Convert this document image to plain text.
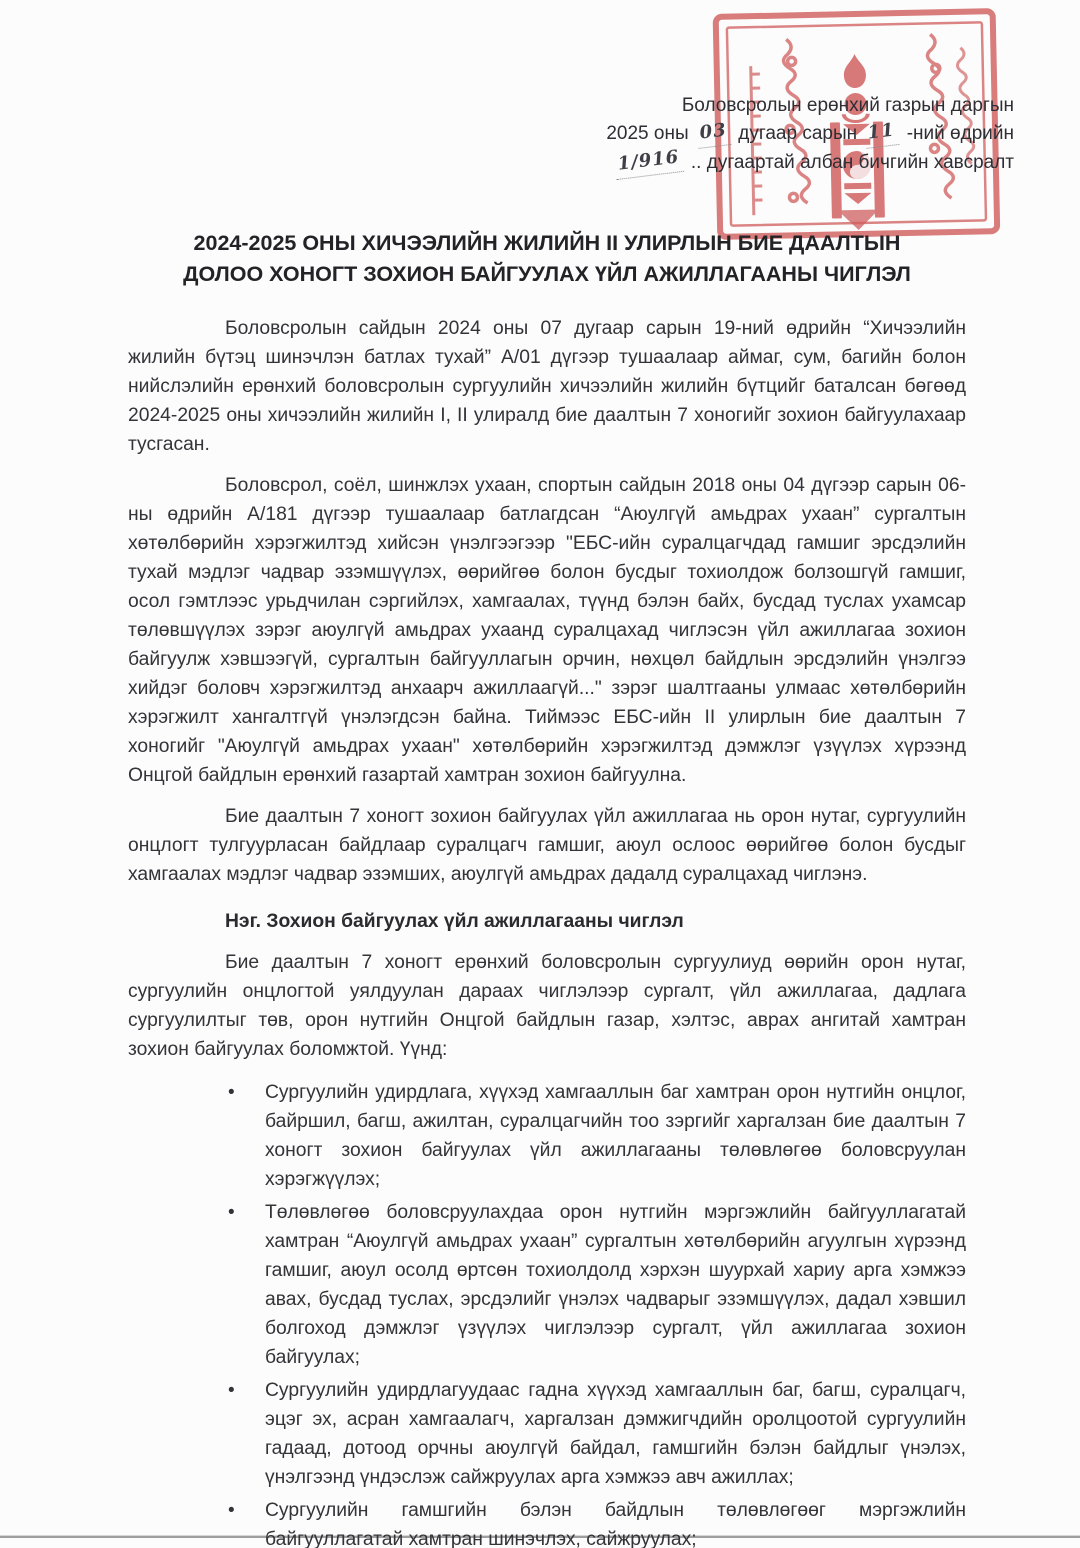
Боловсролын ерөнхий газрын даргын
2025 оны 03 дугаар сарын 11 -ний өдрийн
1/916 .. дугаартай албан бичгийн хавсралт
2024-2025 ОНЫ ХИЧЭЭЛИЙН ЖИЛИЙН II УЛИРЛЫН БИЕ ДААЛТЫН
ДОЛОО ХОНОГТ ЗОХИОН БАЙГУУЛАХ ҮЙЛ АЖИЛЛАГААНЫ ЧИГЛЭЛ

Боловсролын сайдын 2024 оны 07 дугаар сарын 19-ний өдрийн “Хичээлийн жилийн бүтэц шинэчлэн батлах тухай” А/01 дүгээр тушаалаар аймаг, сум, багийн болон нийслэлийн ерөнхий боловсролын сургуулийн хичээлийн жилийн бүтцийг баталсан бөгөөд 2024-2025 оны хичээлийн жилийн I, II улиралд бие даалтын 7 хоногийг зохион байгуулахаар тусгасан.

Боловсрол, соёл, шинжлэх ухаан, спортын сайдын 2018 оны 04 дүгээр сарын 06-ны өдрийн А/181 дүгээр тушаалаар батлагдсан “Аюулгүй амьдрах ухаан” сургалтын хөтөлбөрийн хэрэгжилтэд хийсэн үнэлгээгээр "ЕБС-ийн суралцагчдад гамшиг эрсдэлийн тухай мэдлэг чадвар эзэмшүүлэх, өөрийгөө болон бусдыг тохиолдож болзошгүй гамшиг, осол гэмтлээс урьдчилан сэргийлэх, хамгаалах, түүнд бэлэн байх, бусдад туслах ухамсар төлөвшүүлэх зэрэг аюулгүй амьдрах ухаанд суралцахад чиглэсэн үйл ажиллагаа зохион байгуулж хэвшээгүй, сургалтын байгууллагын орчин, нөхцөл байдлын эрсдэлийн үнэлгээ хийдэг боловч хэрэгжилтэд анхаарч ажиллаагүй..." зэрэг шалтгааны улмаас хөтөлбөрийн хэрэгжилт хангалтгүй үнэлэгдсэн байна. Тиймээс ЕБС-ийн II улирлын бие даалтын 7 хоногийг "Аюулгүй амьдрах ухаан" хөтөлбөрийн хэрэгжилтэд дэмжлэг үзүүлэх хүрээнд Онцгой байдлын ерөнхий газартай хамтран зохион байгуулна.

Бие даалтын 7 хоногт зохион байгуулах үйл ажиллагаа нь орон нутаг, сургуулийн онцлогт тулгуурласан байдлаар суралцагч гамшиг, аюул ослоос өөрийгөө болон бусдыг хамгаалах мэдлэг чадвар эзэмших, аюулгүй амьдрах дадалд суралцахад чиглэнэ.

Нэг. Зохион байгуулах үйл ажиллагааны чиглэл

Бие даалтын 7 хоногт ерөнхий боловсролын сургуулиуд өөрийн орон нутаг, сургуулийн онцлогтой уялдуулан дараах чиглэлээр сургалт, үйл ажиллагаа, дадлага сургуулилтыг төв, орон нутгийн Онцгой байдлын газар, хэлтэс, аврах ангитай хамтран зохион байгуулах боломжтой. Үүнд:

• Сургуулийн удирдлага, хүүхэд хамгааллын баг хамтран орон нутгийн онцлог, байршил, багш, ажилтан, суралцагчийн тоо зэргийг харгалзан бие даалтын 7 хоногт зохион байгуулах үйл ажиллагааны төлөвлөгөө боловсруулан хэрэгжүүлэх;
• Төлөвлөгөө боловсруулахдаа орон нутгийн мэргэжлийн байгууллагатай хамтран “Аюулгүй амьдрах ухаан” сургалтын хөтөлбөрийн агуулгын хүрээнд гамшиг, аюул осолд өртсөн тохиолдолд хэрхэн шуурхай хариу арга хэмжээ авах, бусдад туслах, эрсдэлийг үнэлэх чадварыг эзэмшүүлэх, дадал хэвшил болгоход дэмжлэг үзүүлэх чиглэлээр сургалт, үйл ажиллагаа зохион байгуулах;
• Сургуулийн удирдлагуудаас гадна хүүхэд хамгааллын баг, багш, суралцагч, эцэг эх, асран хамгаалагч, харгалзан дэмжигчдийн оролцоотой сургуулийн гадаад, дотоод орчны аюулгүй байдал, гамшгийн бэлэн байдлыг үнэлэх, үнэлгээнд үндэслэж сайжруулах арга хэмжээ авч ажиллах;
• Сургуулийн гамшгийн бэлэн байдлын төлөвлөгөөг мэргэжлийн байгууллагатай хамтран шинэчлэх, сайжруулах;
